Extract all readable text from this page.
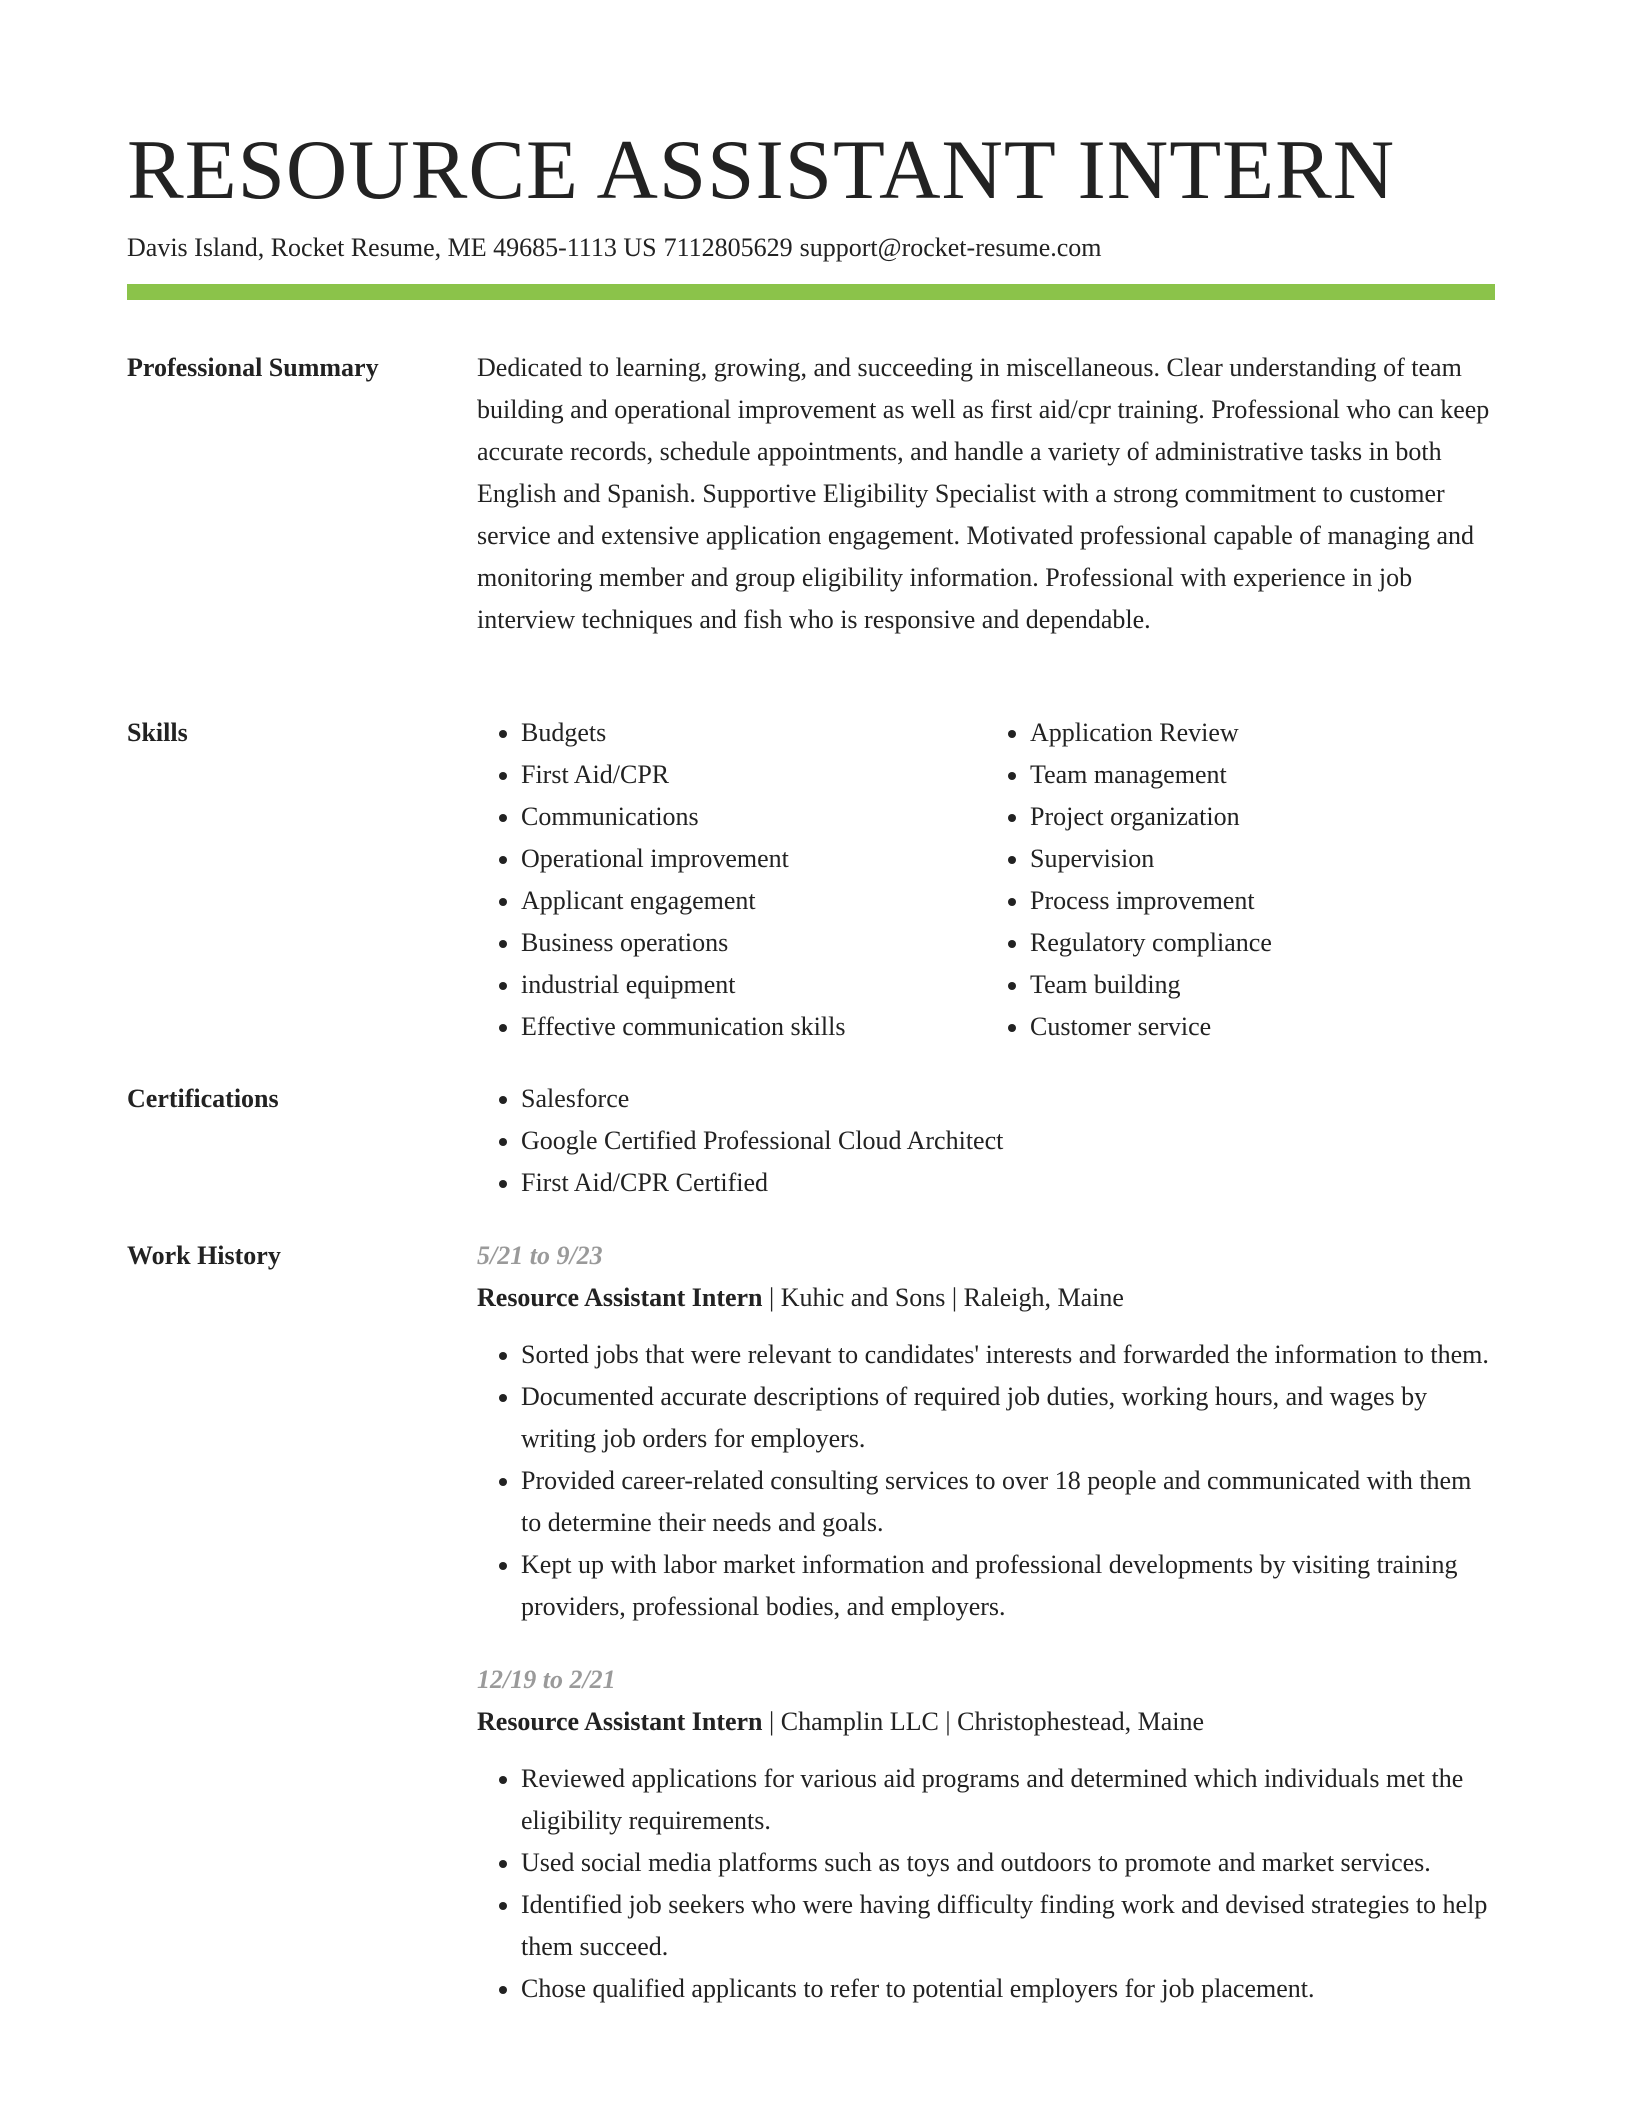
RESOURCE ASSISTANT INTERN
Davis Island, Rocket Resume, ME 49685-1113 US 7112805629 support@rocket-resume.com
Professional Summary	Dedicated to learning, growing, and succeeding in miscellaneous. Clear understanding of team building and operational improvement as well as first aid/cpr training. Professional who can keep accurate records, schedule appointments, and handle a variety of administrative tasks in both English and Spanish. Supportive Eligibility Specialist with a strong commitment to customer service and extensive application engagement. Motivated professional capable of managing and monitoring member and group eligibility information. Professional with experience in job interview techniques and fish who is responsive and dependable.

Skills	• Budgets
• First Aid/CPR
• Communications
• Operational improvement
• Applicant engagement
• Business operations
• industrial equipment
• Effective communication skills
• Application Review
• Team management
• Project organization
• Supervision
• Process improvement
• Regulatory compliance
• Team building
• Customer service
Certifications	• Salesforce
• Google Certified Professional Cloud Architect
• First Aid/CPR Certified
Work History	5/21 to 9/23
Resource Assistant Intern | Kuhic and Sons | Raleigh, Maine
• Sorted jobs that were relevant to candidates' interests and forwarded the information to them.
• Documented accurate descriptions of required job duties, working hours, and wages by writing job orders for employers.
• Provided career-related consulting services to over 18 people and communicated with them to determine their needs and goals.
• Kept up with labor market information and professional developments by visiting training providers, professional bodies, and employers.
12/19 to 2/21
Resource Assistant Intern | Champlin LLC | Christophestead, Maine
• Reviewed applications for various aid programs and determined which individuals met the eligibility requirements.
• Used social media platforms such as toys and outdoors to promote and market services.
• Identified job seekers who were having difficulty finding work and devised strategies to help them succeed.
• Chose qualified applicants to refer to potential employers for job placement.
